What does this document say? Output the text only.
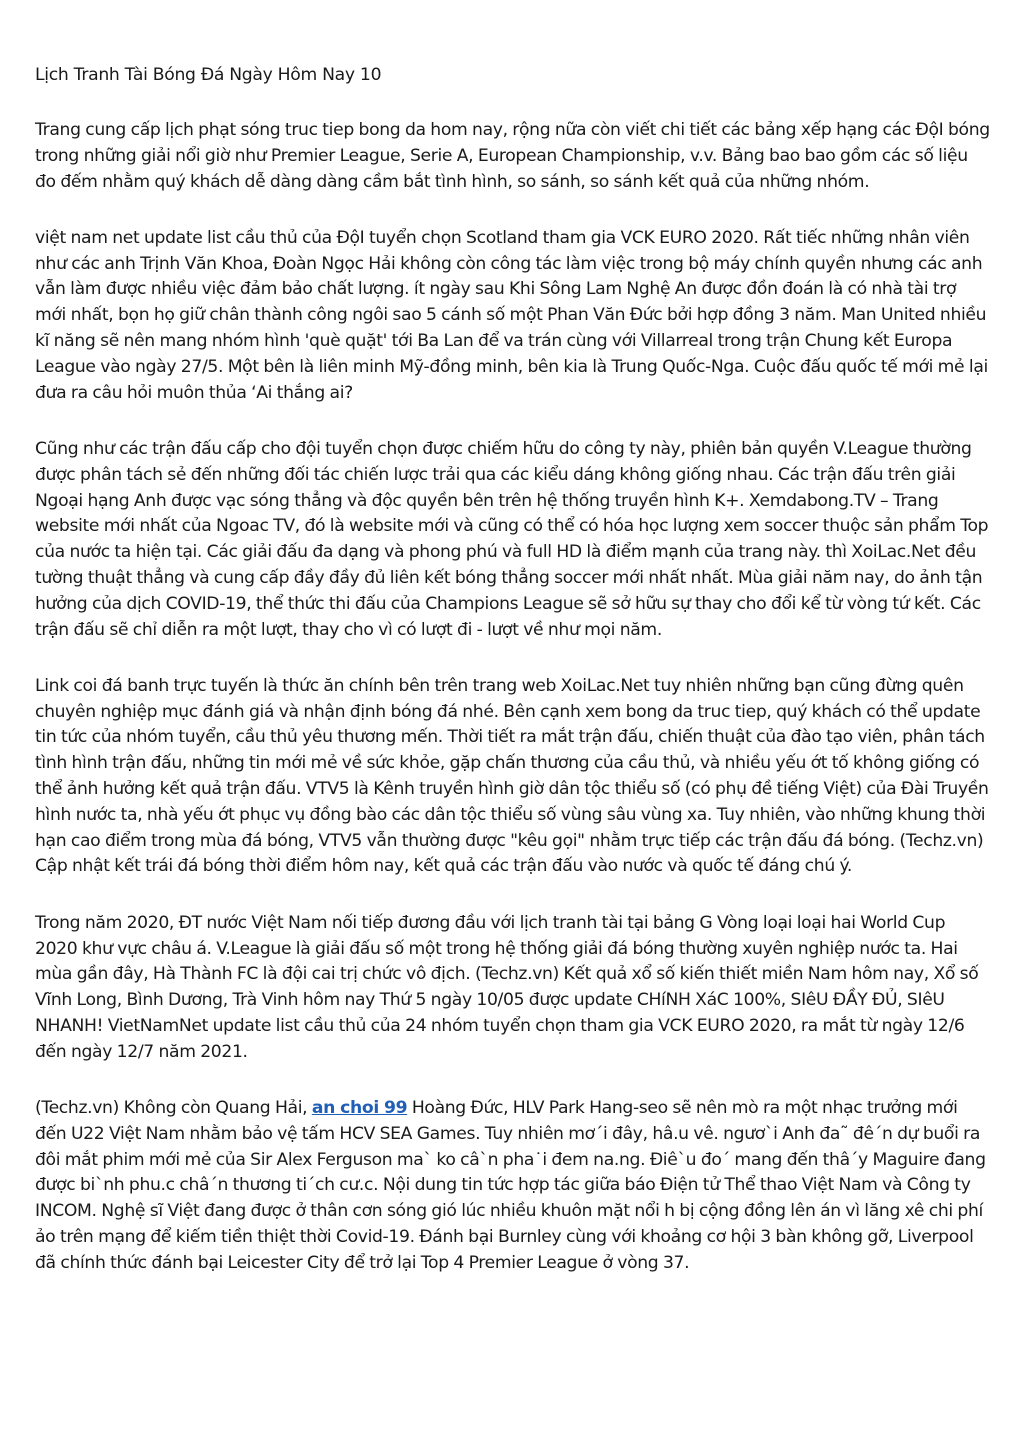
Lịch Tranh Tài Bóng Đá Ngày Hôm Nay 10

Trang cung cấp lịch phạt sóng truc tiep bong da hom nay, rộng nữa còn viết chi tiết các bảng xếp hạng các ĐộI bóng trong những giải nổi giờ như Premier League, Serie A, European Championship, v.v. Bảng bao bao gồm các số liệu đo đếm nhằm quý khách dễ dàng dàng cầm bắt tình hình, so sánh, so sánh kết quả của những nhóm.

việt nam net update list cầu thủ của ĐộI tuyển chọn Scotland tham gia VCK EURO 2020. Rất tiếc những nhân viên như các anh Trịnh Văn Khoa, Đoàn Ngọc Hải không còn công tác làm việc trong bộ máy chính quyền nhưng các anh vẫn làm được nhiều việc đảm bảo chất lượng. ít ngày sau Khi Sông Lam Nghệ An được đồn đoán là có nhà tài trợ mới nhất, bọn họ giữ chân thành công ngôi sao 5 cánh số một Phan Văn Đức bởi hợp đồng 3 năm. Man United nhiều kĩ năng sẽ nên mang nhóm hình 'què quặt' tới Ba Lan để va trán cùng với Villarreal trong trận Chung kết Europa League vào ngày 27/5. Một bên là liên minh Mỹ-đồng minh, bên kia là Trung Quốc-Nga. Cuộc đấu quốc tế mới mẻ lại đưa ra câu hỏi muôn thủa ‘Ai thắng ai?

Cũng như các trận đấu cấp cho đội tuyển chọn được chiếm hữu do công ty này, phiên bản quyền V.League thường được phân tách sẻ đến những đối tác chiến lược trải qua các kiểu dáng không giống nhau. Các trận đấu trên giải Ngoại hạng Anh được vạc sóng thẳng và độc quyền bên trên hệ thống truyền hình K+. Xemdabong.TV – Trang website mới nhất của Ngoac TV, đó là website mới và cũng có thể có hóa học lượng xem soccer thuộc sản phẩm Top của nước ta hiện tại. Các giải đấu đa dạng và phong phú và full HD là điểm mạnh của trang này. thì XoiLac.Net đều tường thuật thẳng và cung cấp đầy đầy đủ liên kết bóng thẳng soccer mới nhất nhất. Mùa giải năm nay, do ảnh tận hưởng của dịch COVID-19, thể thức thi đấu của Champions League sẽ sở hữu sự thay cho đổi kể từ vòng tứ kết. Các trận đấu sẽ chỉ diễn ra một lượt, thay cho vì có lượt đi - lượt về như mọi năm.

Link coi đá banh trực tuyến là thức ăn chính bên trên trang web XoiLac.Net tuy nhiên những bạn cũng đừng quên chuyên nghiệp mục đánh giá và nhận định bóng đá nhé. Bên cạnh xem bong da truc tiep, quý khách có thể update tin tức của nhóm tuyển, cầu thủ yêu thương mến. Thời tiết ra mắt trận đấu, chiến thuật của đào tạo viên, phân tách tình hình trận đấu, những tin mới mẻ về sức khỏe, gặp chấn thương của cầu thủ, và nhiều yếu ớt tố không giống có thể ảnh hưởng kết quả trận đấu. VTV5 là Kênh truyền hình giờ dân tộc thiểu số (có phụ đề tiếng Việt) của Đài Truyền hình nước ta, nhà yếu ớt phục vụ đồng bào các dân tộc thiểu số vùng sâu vùng xa. Tuy nhiên, vào những khung thời hạn cao điểm trong mùa đá bóng, VTV5 vẫn thường được "kêu gọi" nhằm trực tiếp các trận đấu đá bóng. (Techz.vn) Cập nhật kết trái đá bóng thời điểm hôm nay, kết quả các trận đấu vào nước và quốc tế đáng chú ý.

Trong năm 2020, ĐT nước Việt Nam nối tiếp đương đầu với lịch tranh tài tại bảng G Vòng loại loại hai World Cup 2020 khư vực châu á. V.League là giải đấu số một trong hệ thống giải đá bóng thường xuyên nghiệp nước ta. Hai mùa gần đây, Hà Thành FC là đội cai trị chức vô địch. (Techz.vn) Kết quả xổ số kiến thiết miền Nam hôm nay, Xổ số Vĩnh Long, Bình Dương, Trà Vinh hôm nay Thứ 5 ngày 10/05 được update CHíNH XáC 100%, SIêU ĐẦY ĐỦ, SIêU NHANH! VietNamNet update list cầu thủ của 24 nhóm tuyển chọn tham gia VCK EURO 2020, ra mắt từ ngày 12/6 đến ngày 12/7 năm 2021.

(Techz.vn) Không còn Quang Hải, an choi 99 Hoàng Đức, HLV Park Hang-seo sẽ nên mò ra một nhạc trưởng mới đến U22 Việt Nam nhằm bảo vệ tấm HCV SEA Games. Tuy nhiên mơ´i đây, hâ.u vê. ngươ`i Anh đa˜ đê´n dự buổi ra đôi mắt phim mới mẻ của Sir Alex Ferguson ma` ko câ`n pha˙i đem na.ng. Điê`u đo´ mang đến thâ´y Maguire đang được bi`nh phu.c châ´n thương ti´ch cư.c. Nội dung tin tức hợp tác giữa báo Điện tử Thể thao Việt Nam và Công ty INCOM. Nghệ sĩ Việt đang được ở thân cơn sóng gió lúc nhiều khuôn mặt nổi h bị cộng đồng lên án vì lăng xê chi phí ảo trên mạng để kiếm tiền thiệt thời Covid-19. Đánh bại Burnley cùng với khoảng cơ hội 3 bàn không gỡ, Liverpool đã chính thức đánh bại Leicester City để trở lại Top 4 Premier League ở vòng 37.
